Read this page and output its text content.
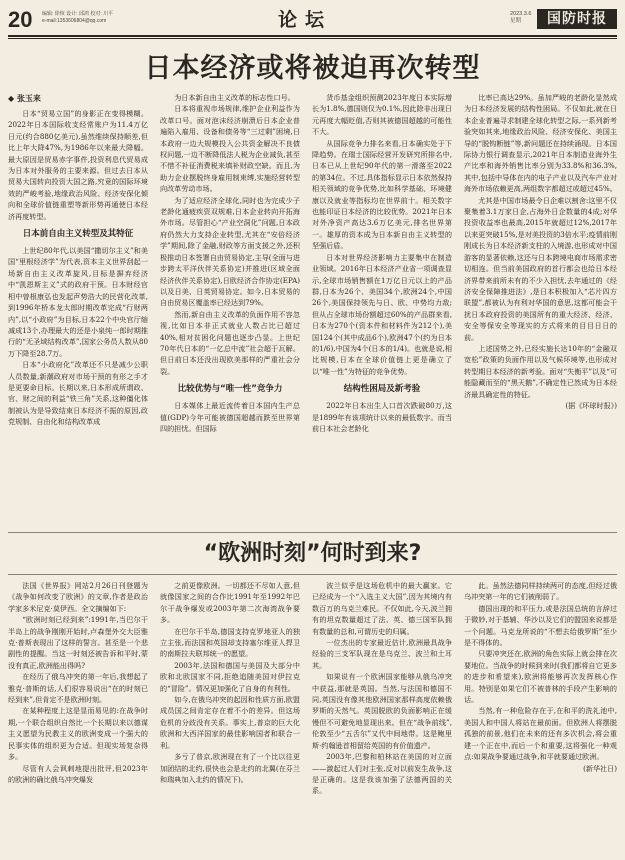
20 编辑: 徐恢 设计: 邱鸿 校对: 川平
e-mail:1353606804@qq.com	论坛	2023.3.6
星期	国防时报
日本经济或将被迫再次转型
◆ 张玉来

日本“贸易立国”的身影正在变得模糊。2022年日本国际收支经常账户为11.4万亿日元(约合880亿美元),虽然维续保持顺差,但比上年大降47%,为1986年以来最大降幅。最大原因是贸易赤字事件,投资利息代贸易成为日本对外服务的主要来源。但过去日本从贸易大国转向投资大国之路,究竟的国际环境效的严峻考验,地缘政治风险、经济安保化倾向和全球价值链重塑等新形势再通使日本经济再度转型。

日本前自由主义转型及其特征

上世纪80年代,以美国“撒切尔主义”和美国“里根经济学”为代表,资本主义世界刮起一场新自由主义改革旋风,目标是摒弃经济中“凯恩斯主义”式的政府干预。日本财经官相中曾根康弘也发起声势浩大的民营化改革,到1996年桥本龙太郎时期改革完成“行财两内”,以“小政府”为目标,日本22个中央官厅缩减成13个,办理最大的还是小泉纯一郎时期推行的“无圣域结构改革”,国家公务员人数从80万下降至28.7万。

日本“小政府化”改革还不只是减少公职人员数量,新潮政府对市场干预的有形之手才是更要命目标。长期以来,日本形成所谓政、官、财之间的利益“铁三角”关系,这种僵化体制被认为是导致结束日本经济不振的原因,政党规制、自由化和结构改革成

为日本新自由主义改革的标志性口号。

日本将重视市场规律,维护企业利益作为改革口号。面对泡沫经济崩溃后日本企业普遍陷入雇用、设备和债务等“三过剩”困境,日本政府一边大规模投入公共资金解决不良债权问题,一边不断降低法人税为企业减负,甚至不惜不补征消费税来填补财政空缺。而且,为助力企业摆脱终身雇用制束缚,实施经营转型向改革劳动市场。

为了适应经济全球化,同时也为完成少子老龄化通疲疾资双规难,日本企业转向开拓海外市场。尽管担心“产业空洞化”问题,日本政府仍然大力支持企业转型,尤其在“安倍经济学”期间,除了金融,财政等方面支援之外,还积极推动日本签署自由贸易协定,主导(全面与进步跨太平洋伙伴关系协定)并推进(区域全面经济伙伴关系协定),日欧经济合作协定(EPA)以及日美、日英贸易协定。如今,日本贸易的自由贸易区覆盖率已经达到79%。

然而,新自由主义改革的负面作用不容忽视,比如日本非正式就业人数占比已超过40%,相对贫困化问题也逐步凸显。上世纪70年代日本的“一亿总中流”社会超于瓦解。但日前日本还没出现欧美那样的严重社会分裂。

比较优势与“唯一性”竞争力

日本媒体上最近流传着日本国内生产总值(GDP)今年可能被德国超越而跌至世界第四的担忧。但国际

货币基金组织预测2023年度日本实际增长为1.8%,德国则仅为0.1%,因此除非出现日元再度大幅贬值,否则其被德国超越的可能性不大。

从国际竞争力排名来看,日本确实处于下降趋势。在瑞士国际经营开发研究所排名中,日本已从上世纪90年代的第一滑落至2022的第34位。不过,具体指标显示日本依然保持相关领域的竞争优势,比如科学基础、环境健康以及就业等指标均在世界前十。相关数字也能印证日本经济的比较优势。2021年日本对外净资产高达3.6万亿美元,排名世界第一。雄厚的资本成为日本新自由主义转型的坚强后盾。

日本对世界经济影响力主要集中在制造业领域。2016年日本经济产业省一项调查显示,全球市场销售额在1万亿日元以上的产品群,日本为26个、美国34个,欧洲24个,中国26个,美国保持领先与日、欧、中势均力敌;但从占全球市场份额超过60%的产品群来看,日本为270个(资本件和材料件为212个),美国124个(其中成品6个),欧洲47个(约为日本的1/6),中国为4个(日本的1/4)。也就是说,相比规模,日本在全球价值链上更是确立了以“唯一性”为特征的竞争优势。

结构性困局及新考验

2022年日本出生人口首次跌破80万,这是1899年有该项统计以来的最低数字。而当前日本社会老龄化

比率已高达29%。虽加严峻的老龄化显然成为日本经济发展的结构性困局。不仅如此,就在日本企业普遍寻求制建全球化转型之际,一系列新考验突如其来,地缘政治风险、经济安保化、美国主导的“脱钩断链”等,新问题还在持续涌现。日本国际协力银行调查显示,2021年日本制造业海外生产比率和海外销售比率分别为33.8%和36.3%,其中,包括中导体在内的电子产业以及汽车产业对海外市场依赖更高,两组数字都超过或超过45%。

尤其是中国市场最令日企难以割舍:这里不仅聚集着3.1万家日企,占海外日企数量的4成;对华投资收益率也最高,2015年就超过12%,2017年以来更突破15%,是对美投资的3倍水平;疫情前刚刚成长为日本经济新支柱的入境游,也形成对中国游客的显著依赖,这还与日本跨境电商市场需求密切相连。但当前美国政府的首行都会也给日本经济界带来前所未有的不少入担忧,去年通过的《经济安全保障推进法》,是日本积极加入“芯片四方联盟”,都被认为有利对华国的意思,这都可能会干扰日本政府投资的美国所有的重大经济、经济、安全等保安全等现实的方式将来的目目日日的前。

上述国势之外,已经实施长达10年的“金融双宽松”政策的负面作用以及气候环境等,也形成对转型期日本经济的新考验。面对“失衡平”以及“可能隐藏而至的“黑天鹅”,不确定性已然成为日本经济最具确定性的特征。

(据《环球时报》)

“欧洲时刻”何时到来?

法国《世界报》网站2月26日刊登题为《战争如何改变了欧洲》的文章,作者是政治学家多米尼克·莫伊西。全文摘编如下:

“欧洲时刻已经到来”:1991年,当巴尔干半岛上的战争刚刚开始时,卢森堡外交大臣雅克·普斯表现出了这样的誓言。甚至是一个悲剧性的提醒。当这一时刻还被告诉和平时,蒙没有真正,欧洲能出得吗?

在经历了俄乌冲突的第一年后,我想起了雅克·普斯的话,人们很容易说出“在的时刻已经到来”,但肯定不是欧洲时刻。

在某种程度上这是显而易见的:在战争时期,一个联合组织自然比一个长期以来以德谋主义愿望为民教主义的欧洲变成一个强大的民事实体的组织更为合适。但现实场复杂得多。

尽管有人会讽刺地提出批评,但2023年的欧洲的确比俄乌冲突爆发

之前更像欧洲。一切都还不尽如人意,但就像国家之间的合作比1991年至1992年巴尔干战争爆发或2003年第二次海湾战争要多。

在巴尔干半岛,德国支持克罗地亚人的独立主张,而法国和英国却支持塞尔维亚人捍卫的南斯拉夫联邦统一的愿望。

2003年,法国和德国与美国及大部分中欧和北欧国家不同,拒绝追随美国对伊拉克的“冒险”。情况更加强化了自身的有利性。

如今,在俄乌冲突的起因和性质方面,欧盟成员国之间肯定存在着不小的差异。但这场危机的分歧没有关系。事实上,普京的巨大化欧洲和大西洋国家的最佳影响国者和联合一利。

多亏了普京,欧洲现在有了一个比以往更加团结的北约,很快也会是北约的北翼(在芬兰和瑞典加入北约的情况下)。

波兰似乎是这场危机中的最大赢家。它已经成为一个“入选主义大国”,因为其境内有数百万的乌克兰难民。不仅如此,今天,波兰拥有的坦克数量超过了法、英、德三国军队拥有数量的总和,可谓历史的归属。

一位杰出的专家最近估计,欧洲最具战争经验的三支军队现在是乌克兰、波兰和土耳其。

如果说有一个欧洲国家能够从俄乌冲突中获益,那就是英国。当然,与法国和德国不同,英国没有像其他欧洲国家那样高度依赖俄罗斯的天然气。英国脱欧的负面影响正在缓慢但不可避免地显现出来。但在“战争前线”,伦敦至少“五舌尔”又代中间地带。这是鲍里斯·约翰逊首相留给英国的有价值遗产。

2003年,巴黎和柏林站在美国的对立面——激起过人们对主张,反对以前发生战争,这是正确的。这是我该加强了法德两国的关系。

此。虽然法德同样持续两可的态度,但经过俄乌冲突第一年的它们被削弱了。

德国出现的和平压力,或是法国总统的言辞过于微妙,对于基辅、华沙以及它们的盟国来说都是一个问题。马克龙所说的“不想去给俄罗斯”至少是不得体的。

只要冲突还在,欧洲的角色实际上就会排在次要地位。当战争的时候到来时(我们都将自它更多的进步和希望来),欧洲将能够再次发挥核心作用。特别是如果它们不被普林的手段产生影响的话。

当然,有一种危险存在于,在和平的洗礼池中,美国人和中国人将站在最前面。但欧洲人将摆脱孤独的前景,他们在未来的还有多次机会,将会重建一个正在中,而后一个和重要,这将强化一种观点:如果战争要通过战争,和平就要通过欧洲。

(新华社日)
